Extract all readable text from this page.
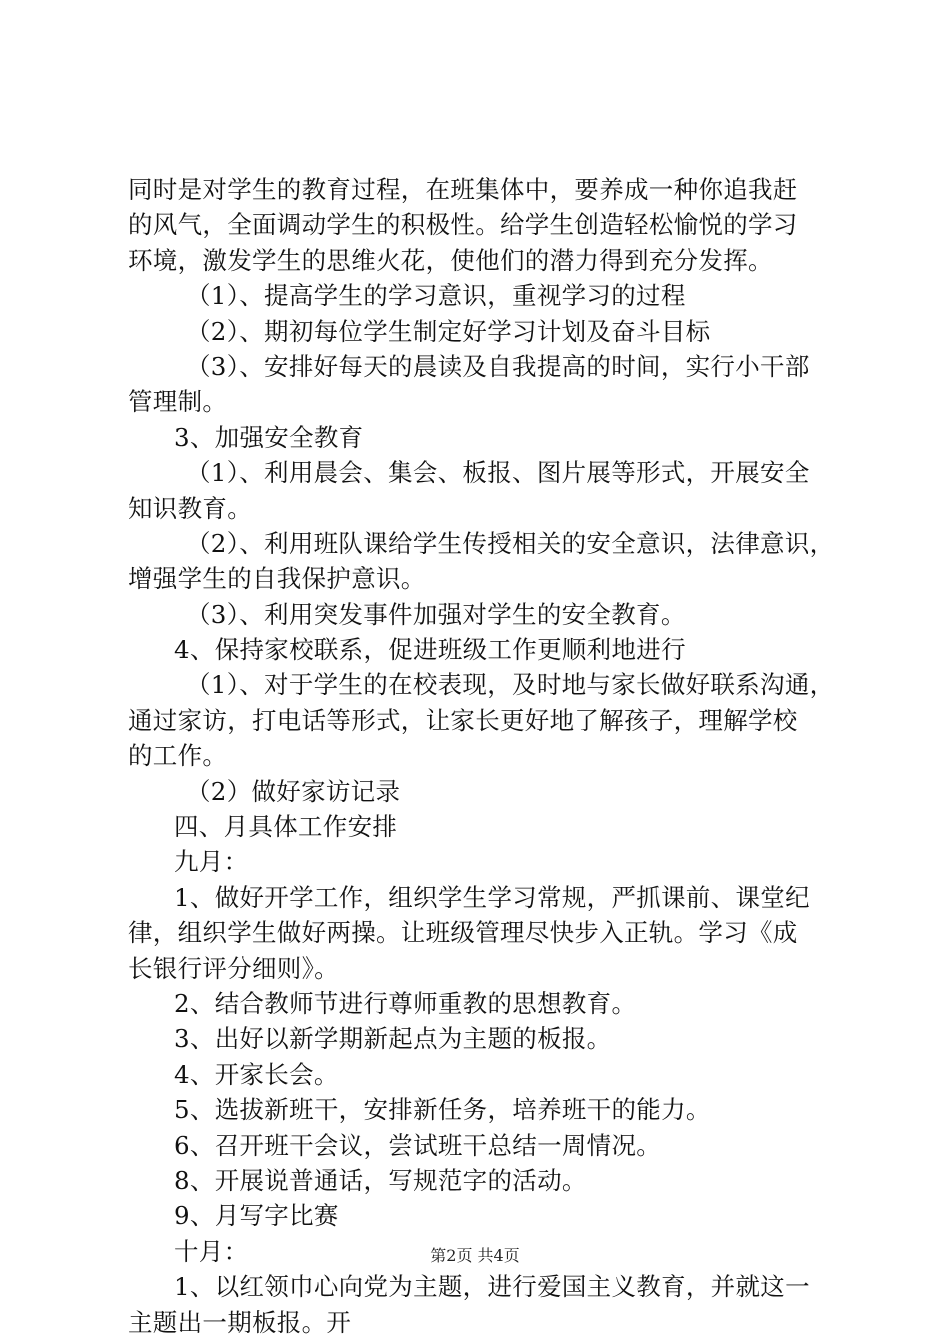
同时是对学生的教育过程，在班集体中，要养成一种你追我赶
的风气，全面调动学生的积极性。给学生创造轻松愉悦的学习
环境，激发学生的思维火花，使他们的潜力得到充分发挥。
（1）、提高学生的学习意识，重视学习的过程
（2）、期初每位学生制定好学习计划及奋斗目标
（3）、安排好每天的晨读及自我提高的时间，实行小干部
管理制。
3、加强安全教育
（1）、利用晨会、集会、板报、图片展等形式，开展安全
知识教育。
（2）、利用班队课给学生传授相关的安全意识，法律意识，
增强学生的自我保护意识。
（3）、利用突发事件加强对学生的安全教育。
4、保持家校联系，促进班级工作更顺利地进行
（1）、对于学生的在校表现，及时地与家长做好联系沟通，
通过家访，打电话等形式，让家长更好地了解孩子，理解学校
的工作。
（2）做好家访记录
四、月具体工作安排
九月：
1、做好开学工作，组织学生学习常规，严抓课前、课堂纪
律，组织学生做好两操。让班级管理尽快步入正轨。学习《成
长银行评分细则》。
2、结合教师节进行尊师重教的思想教育。
3、出好以新学期新起点为主题的板报。
4、开家长会。
5、选拔新班干，安排新任务，培养班干的能力。
6、召开班干会议，尝试班干总结一周情况。
8、开展说普通话，写规范字的活动。
9、月写字比赛
十月：
1、以红领巾心向党为主题，进行爱国主义教育，并就这一
主题出一期板报。开
第2页 共4页
